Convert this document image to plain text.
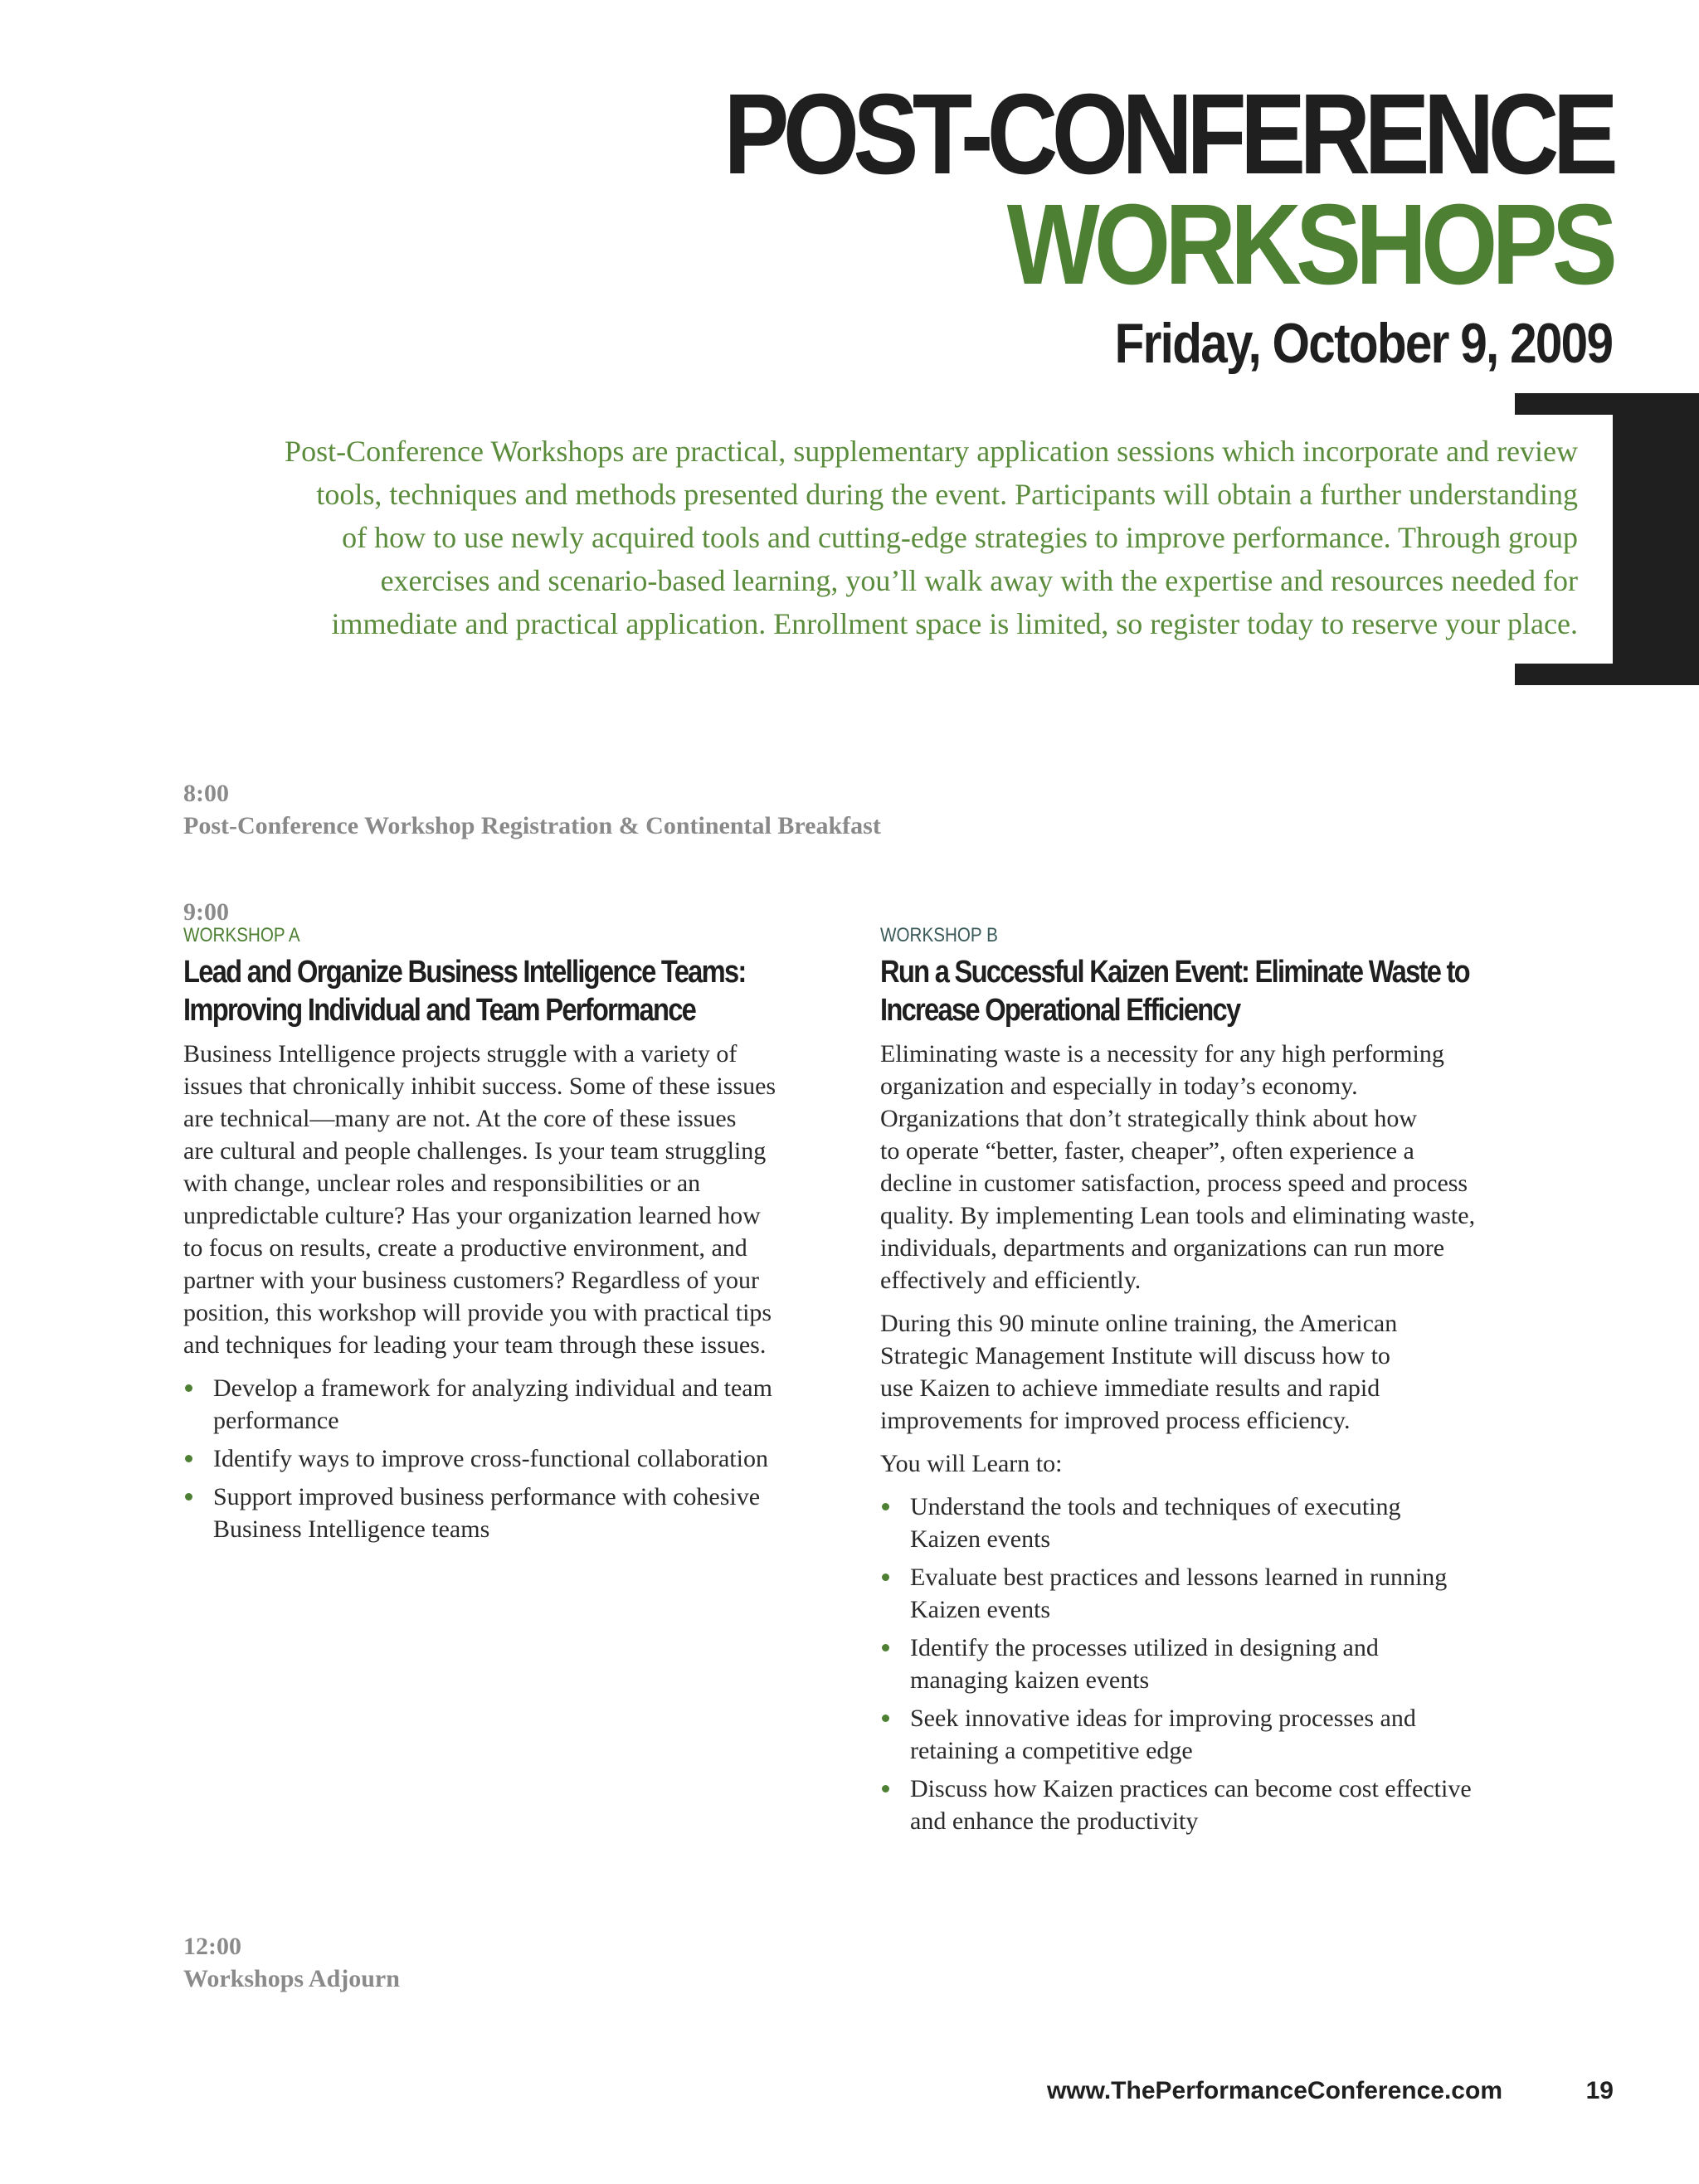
POST-CONFERENCE
WORKSHOPS
Friday, October 9, 2009
Post-Conference Workshops are practical, supplementary application sessions which incorporate and review
tools, techniques and methods presented during the event. Participants will obtain a further understanding
of how to use newly acquired tools and cutting-edge strategies to improve performance. Through group
exercises and scenario-based learning, you’ll walk away with the expertise and resources needed for
immediate and practical application. Enrollment space is limited, so register today to reserve your place.
8:00
Post-Conference Workshop Registration & Continental Breakfast
9:00
WORKSHOP A
Lead and Organize Business Intelligence Teams:
Improving Individual and Team Performance

Business Intelligence projects struggle with a variety of
issues that chronically inhibit success. Some of these issues
are technical—many are not. At the core of these issues
are cultural and people challenges. Is your team struggling
with change, unclear roles and responsibilities or an
unpredictable culture? Has your organization learned how
to focus on results, create a productive environment, and
partner with your business customers? Regardless of your
position, this workshop will provide you with practical tips
and techniques for leading your team through these issues.

Develop a framework for analyzing individual and team
performance
Identify ways to improve cross-functional collaboration
Support improved business performance with cohesive
Business Intelligence teams
WORKSHOP B
Run a Successful Kaizen Event: Eliminate Waste to
Increase Operational Efficiency

Eliminating waste is a necessity for any high performing
organization and especially in today’s economy.
Organizations that don’t strategically think about how
to operate “better, faster, cheaper”, often experience a
decline in customer satisfaction, process speed and process
quality. By implementing Lean tools and eliminating waste,
individuals, departments and organizations can run more
effectively and efficiently.

During this 90 minute online training, the American
Strategic Management Institute will discuss how to
use Kaizen to achieve immediate results and rapid
improvements for improved process efficiency.

You will Learn to:

Understand the tools and techniques of executing
Kaizen events
Evaluate best practices and lessons learned in running
Kaizen events
Identify the processes utilized in designing and
managing kaizen events
Seek innovative ideas for improving processes and
retaining a competitive edge
Discuss how Kaizen practices can become cost effective
and enhance the productivity
12:00
Workshops Adjourn
www.ThePerformanceConference.com	19
